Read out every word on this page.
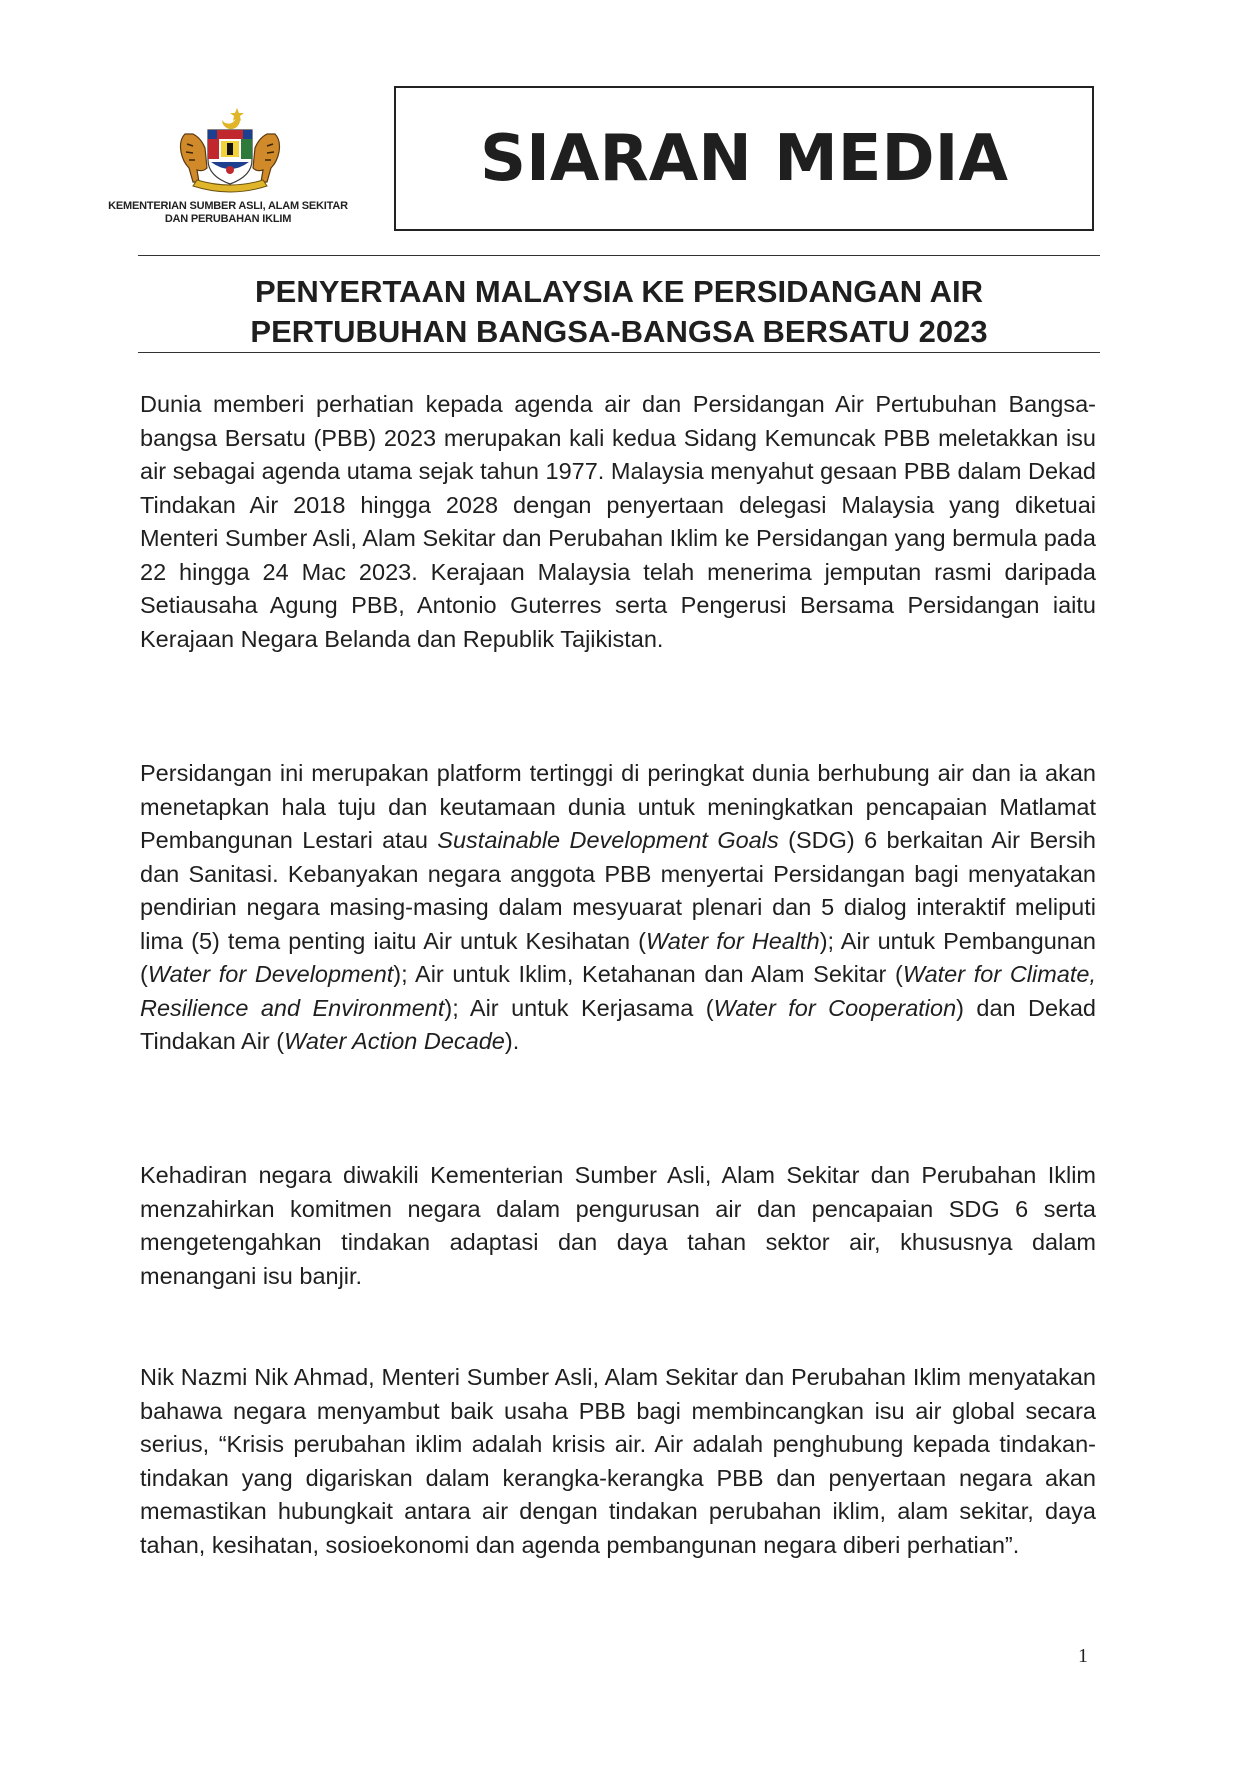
KEMENTERIAN SUMBER ASLI, ALAM SEKITAR
DAN PERUBAHAN IKLIM
SIARAN MEDIA
PENYERTAAN MALAYSIA KE PERSIDANGAN AIR
PERTUBUHAN BANGSA-BANGSA BERSATU 2023

Dunia memberi perhatian kepada agenda air dan Persidangan Air Pertubuhan Bangsa-bangsa Bersatu (PBB) 2023 merupakan kali kedua Sidang Kemuncak PBB meletakkan isu air sebagai agenda utama sejak tahun 1977. Malaysia menyahut gesaan PBB dalam Dekad Tindakan Air 2018 hingga 2028 dengan penyertaan delegasi Malaysia yang diketuai Menteri Sumber Asli, Alam Sekitar dan Perubahan Iklim ke Persidangan yang bermula pada 22 hingga 24 Mac 2023. Kerajaan Malaysia telah menerima jemputan rasmi daripada Setiausaha Agung PBB, Antonio Guterres serta Pengerusi Bersama Persidangan iaitu Kerajaan Negara Belanda dan Republik Tajikistan.

Persidangan ini merupakan platform tertinggi di peringkat dunia berhubung air dan ia akan menetapkan hala tuju dan keutamaan dunia untuk meningkatkan pencapaian Matlamat Pembangunan Lestari atau Sustainable Development Goals (SDG) 6 berkaitan Air Bersih dan Sanitasi. Kebanyakan negara anggota PBB menyertai Persidangan bagi menyatakan pendirian negara masing-masing dalam mesyuarat plenari dan 5 dialog interaktif meliputi lima (5) tema penting iaitu Air untuk Kesihatan (Water for Health); Air untuk Pembangunan (Water for Development); Air untuk Iklim, Ketahanan dan Alam Sekitar (Water for Climate, Resilience and Environment); Air untuk Kerjasama (Water for Cooperation) dan Dekad Tindakan Air (Water Action Decade).

Kehadiran negara diwakili Kementerian Sumber Asli, Alam Sekitar dan Perubahan Iklim menzahirkan komitmen negara dalam pengurusan air dan pencapaian SDG 6 serta mengetengahkan tindakan adaptasi dan daya tahan sektor air, khususnya dalam menangani isu banjir.

Nik Nazmi Nik Ahmad, Menteri Sumber Asli, Alam Sekitar dan Perubahan Iklim menyatakan bahawa negara menyambut baik usaha PBB bagi membincangkan isu air global secara serius, “Krisis perubahan iklim adalah krisis air. Air adalah penghubung kepada tindakan-tindakan yang digariskan dalam kerangka-kerangka PBB dan penyertaan negara akan memastikan hubungkait antara air dengan tindakan perubahan iklim, alam sekitar, daya tahan, kesihatan, sosioekonomi dan agenda pembangunan negara diberi perhatian”.

1
